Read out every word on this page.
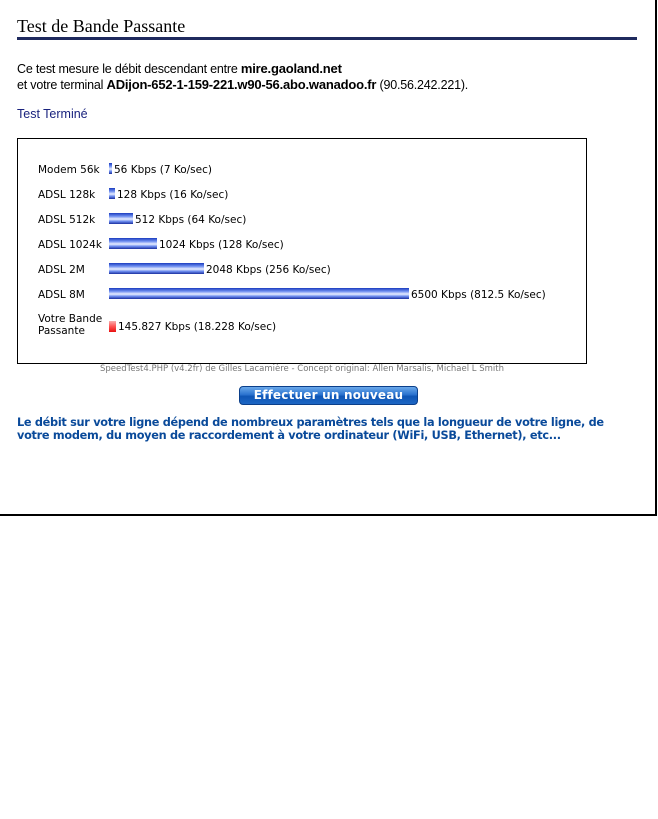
Test de Bande Passante
Ce test mesure le débit descendant entre mire.gaoland.net
et votre terminal ADijon-652-1-159-221.w90-56.abo.wanadoo.fr (90.56.242.221).
Test Terminé
Modem 56k	56 Kbps (7 Ko/sec)
ADSL 128k	128 Kbps (16 Ko/sec)
ADSL 512k	512 Kbps (64 Ko/sec)
ADSL 1024k	1024 Kbps (128 Ko/sec)
ADSL 2M	2048 Kbps (256 Ko/sec)
ADSL 8M	6500 Kbps (812.5 Ko/sec)
Votre Bande Passante	145.827 Kbps (18.228 Ko/sec)
SpeedTest4.PHP (v4.2fr) de Gilles Lacamière - Concept original: Allen Marsalis, Michael L Smith
Effectuer un nouveau test
Le débit sur votre ligne dépend de nombreux paramètres tels que la longueur de votre ligne, de votre modem, du moyen de raccordement à votre ordinateur (WiFi, USB, Ethernet), etc...
